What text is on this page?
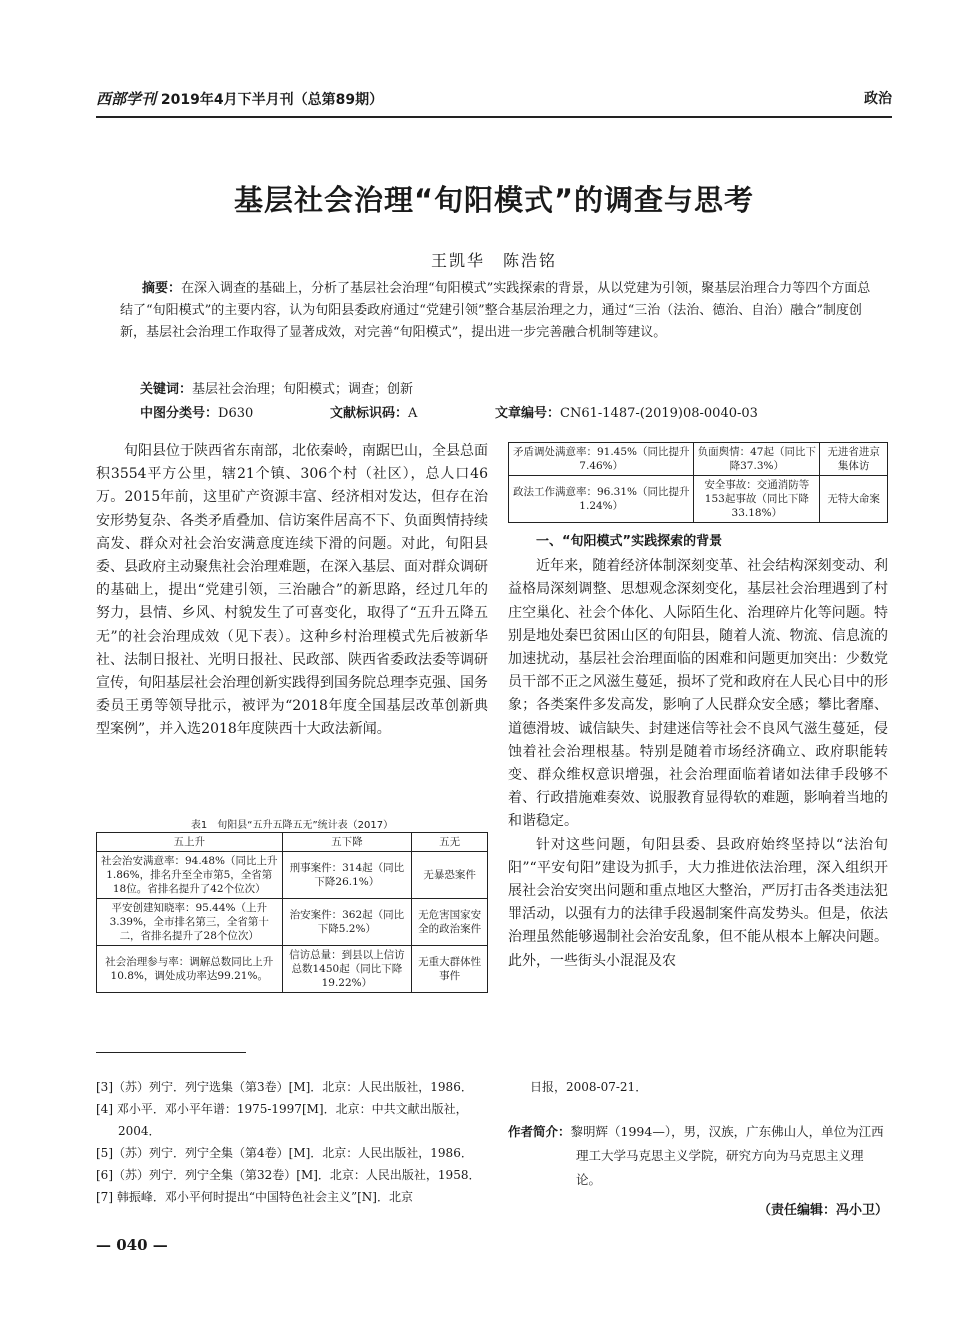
西部学刊 2019年4月下半月刊（总第89期）	政治
基层社会治理“旬阳模式”的调查与思考
王凯华　陈浩铭
摘要：在深入调查的基础上，分析了基层社会治理“旬阳模式”实践探索的背景，从以党建为引领，聚基层治理合力等四个方面总结了“旬阳模式”的主要内容，认为旬阳县委政府通过“党建引领”整合基层治理之力，通过“三治（法治、德治、自治）融合”制度创新，基层社会治理工作取得了显著成效，对完善“旬阳模式”，提出进一步完善融合机制等建议。
关键词：基层社会治理；旬阳模式；调查；创新
中图分类号：D630	文献标识码：A	文章编号：CN61-1487-(2019)08-0040-03

旬阳县位于陕西省东南部，北依秦岭，南踞巴山，全县总面积3554平方公里，辖21个镇、306个村（社区），总人口46万。2015年前，这里矿产资源丰富、经济相对发达，但存在治安形势复杂、各类矛盾叠加、信访案件居高不下、负面舆情持续高发、群众对社会治安满意度连续下滑的问题。对此，旬阳县委、县政府主动聚焦社会治理难题，在深入基层、面对群众调研的基础上，提出“党建引领，三治融合”的新思路，经过几年的努力，县情、乡风、村貌发生了可喜变化，取得了“五升五降五无”的社会治理成效（见下表）。这种乡村治理模式先后被新华社、法制日报社、光明日报社、民政部、陕西省委政法委等调研宣传，旬阳基层社会治理创新实践得到国务院总理李克强、国务委员王勇等领导批示，被评为“2018年度全国基层改革创新典型案例”，并入选2018年度陕西十大政法新闻。

表1　旬阳县“五升五降五无”统计表（2017）
五上升	五下降	五无
社会治安满意率：94.48%（同比上升1.86%，排名升至全市第5，全省第18位。省排名提升了42个位次）	刑事案件：314起（同比下降26.1%）	无暴恐案件
平安创建知晓率：95.44%（上升3.39%，全市排名第三，全省第十二，省排名提升了28个位次）	治安案件：362起（同比下降5.2%）	无危害国家安全的政治案件
社会治理参与率：调解总数同比上升10.8%，调处成功率达99.21%。	信访总量：到县以上信访总数1450起（同比下降19.22%）	无重大群体性事件
矛盾调处满意率：91.45%（同比提升7.46%）	负面舆情：47起（同比下降37.3%）	无进省进京集体访
政法工作满意率：96.31%（同比提升1.24%）	安全事故：交通消防等153起事故（同比下降33.18%）	无特大命案
一、“旬阳模式”实践探索的背景

近年来，随着经济体制深刻变革、社会结构深刻变动、利益格局深刻调整、思想观念深刻变化，基层社会治理遇到了村庄空巢化、社会个体化、人际陌生化、治理碎片化等问题。特别是地处秦巴贫困山区的旬阳县，随着人流、物流、信息流的加速扰动，基层社会治理面临的困难和问题更加突出：少数党员干部不正之风滋生蔓延，损坏了党和政府在人民心目中的形象；各类案件多发高发，影响了人民群众安全感；攀比奢靡、道德滑坡、诚信缺失、封建迷信等社会不良风气滋生蔓延，侵蚀着社会治理根基。特别是随着市场经济确立、政府职能转变、群众维权意识增强，社会治理面临着诸如法律手段够不着、行政措施难奏效、说服教育显得软的难题，影响着当地的和谐稳定。

针对这些问题，旬阳县委、县政府始终坚持以“法治旬阳”“平安旬阳”建设为抓手，大力推进依法治理，深入组织开展社会治安突出问题和重点地区大整治，严厉打击各类违法犯罪活动，以强有力的法律手段遏制案件高发势头。但是，依法治理虽然能够遏制社会治安乱象，但不能从根本上解决问题。此外，一些街头小混混及农

[3]（苏）列宁．列宁选集（第3卷）[M]．北京：人民出版社，1986．
[4] 邓小平．邓小平年谱：1975-1997[M]．北京：中共文献出版社，2004．
[5]（苏）列宁．列宁全集（第4卷）[M]．北京：人民出版社，1986．
[6]（苏）列宁．列宁全集（第32卷）[M]．北京：人民出版社，1958．
[7] 韩振峰．邓小平何时提出“中国特色社会主义”[N]．北京
日报，2008-07-21．
作者简介：黎明辉（1994—），男，汉族，广东佛山人，单位为江西理工大学马克思主义学院，研究方向为马克思主义理论。
（责任编辑：冯小卫）
— 040 —
